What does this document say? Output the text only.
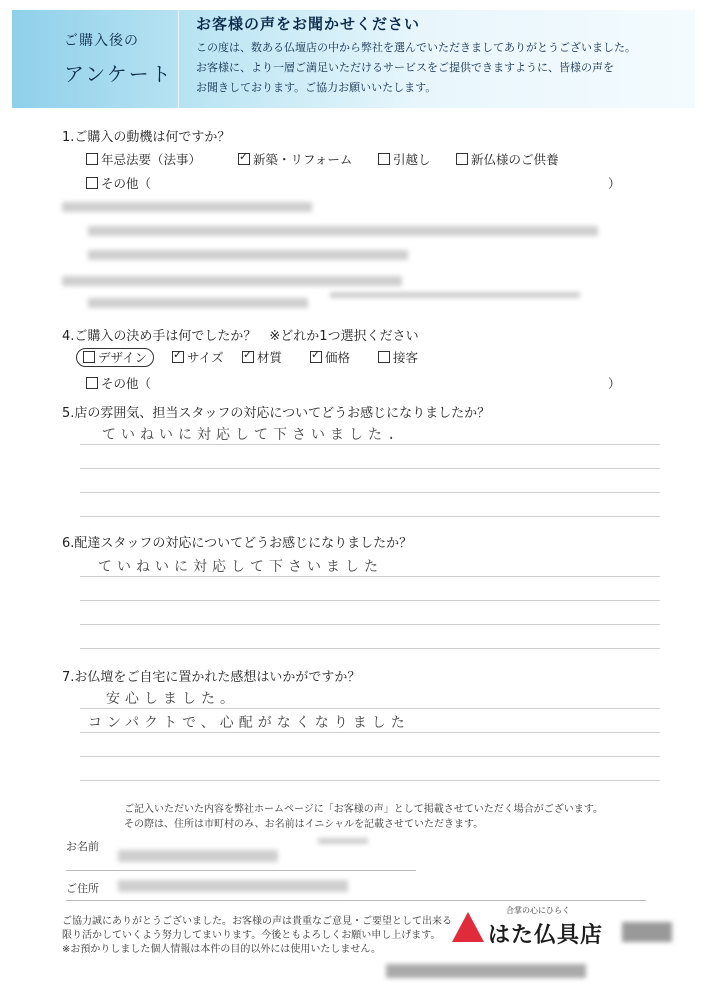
ご購入後の
アンケート
お客様の声をお聞かせください
この度は、数ある仏壇店の中から弊社を選んでいただきましてありがとうございました。
お客様に、より一層ご満足いただけるサービスをご提供できますように、皆様の声を
お聞きしております。ご協力お願いいたします。
1.ご購入の動機は何ですか？
年忌法要（法事） ✓	新築・リフォーム	引越し	新仏様のご供養
その他（	）
4.ご購入の決め手は何でしたか？　※どれか1つ選択ください
デザイン ✓	サイズ ✓	材質 ✓	価格	接客
その他（	）
5.店の雰囲気、担当スタッフの対応についてどうお感じになりましたか？
ていねいに対応して下さいました.
6.配達スタッフの対応についてどうお感じになりましたか？
ていねいに対応して下さいました
7.お仏壇をご自宅に置かれた感想はいかがですか？
安心しました。
コンパクトで、心配がなくなりました
ご記入いただいた内容を弊社ホームページに「お客様の声」として掲載させていただく場合がございます。
その際は、住所は市町村のみ、お名前はイニシャルを記載させていただきます。
お名前
ご住所
ご協力誠にありがとうございました。お客様の声は貴重なご意見・ご要望として出来る
限り活かしていくよう努力してまいります。今後ともよろしくお願い申し上げます。
※お預かりしました個人情報は本件の目的以外には使用いたしません。
合掌の心にひらく
はた仏具店
